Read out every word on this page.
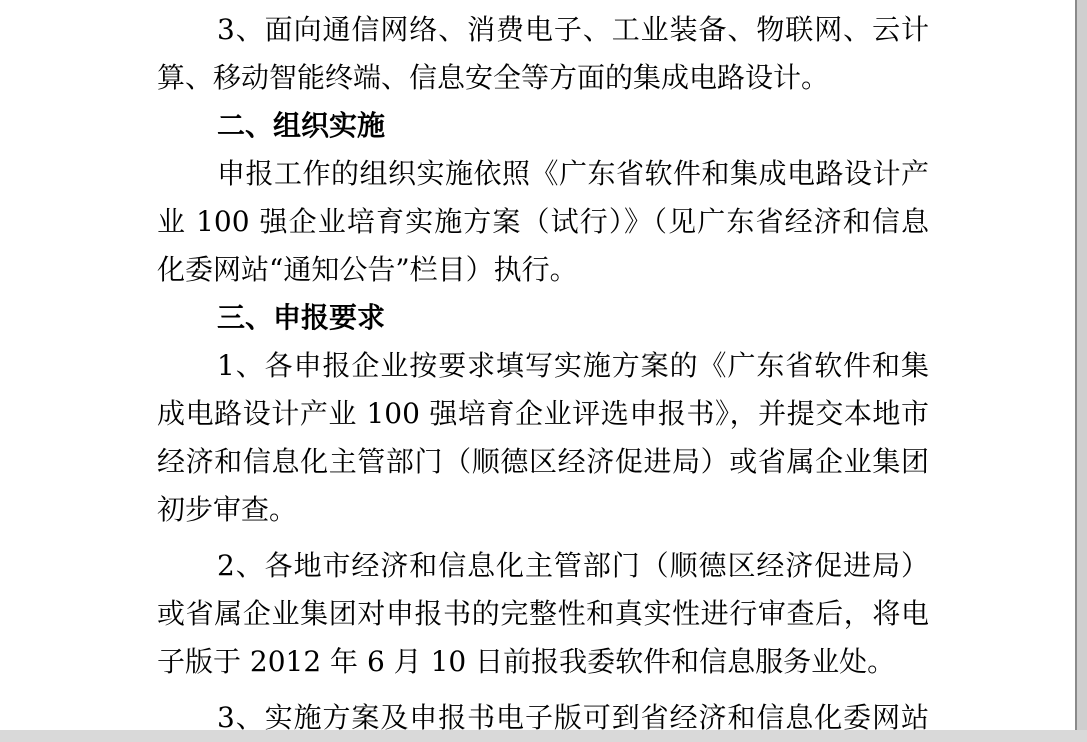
3、面向通信网络、消费电子、工业装备、物联网、云计
算、移动智能终端、信息安全等方面的集成电路设计。
二、组织实施
申报工作的组织实施依照《广东省软件和集成电路设计产
业 100 强企业培育实施方案（试行）》（见广东省经济和信息
化委网站“通知公告”栏目）执行。
三、申报要求
1、各申报企业按要求填写实施方案的《广东省软件和集
成电路设计产业 100 强培育企业评选申报书》，并提交本地市
经济和信息化主管部门（顺德区经济促进局）或省属企业集团
初步审查。
2、各地市经济和信息化主管部门（顺德区经济促进局）
或省属企业集团对申报书的完整性和真实性进行审查后，将电
子版于 2012 年 6 月 10 日前报我委软件和信息服务业处。
3、实施方案及申报书电子版可到省经济和信息化委网站
